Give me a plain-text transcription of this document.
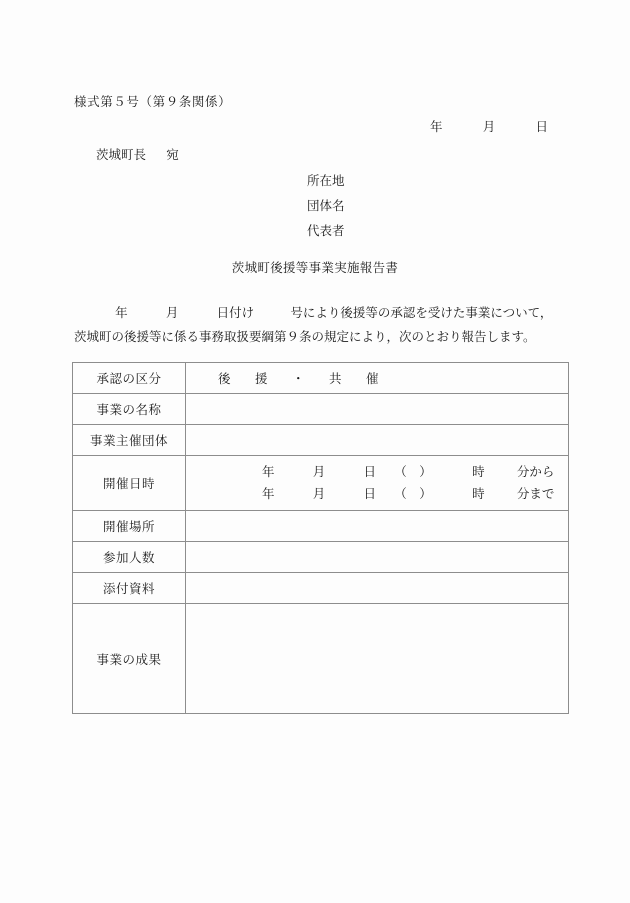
様式第５号（第９条関係）
年	月	日
茨城町長 宛
所在地
団体名
代表者
茨城町後援等事業実施報告書
年	月	日付け	号により後援等の承認を受けた事業について，茨城町の後援等に係る事務取扱要綱第９条の規定により，次のとおり報告します。
承認の区分	後　援　・　共　催
事業の名称	
事業主催団体	
開催日時	年 月 日 （　） 時 分から
年 月 日 （　） 時 分まで

開催場所	
参加人数	
添付資料	
事業の成果	
